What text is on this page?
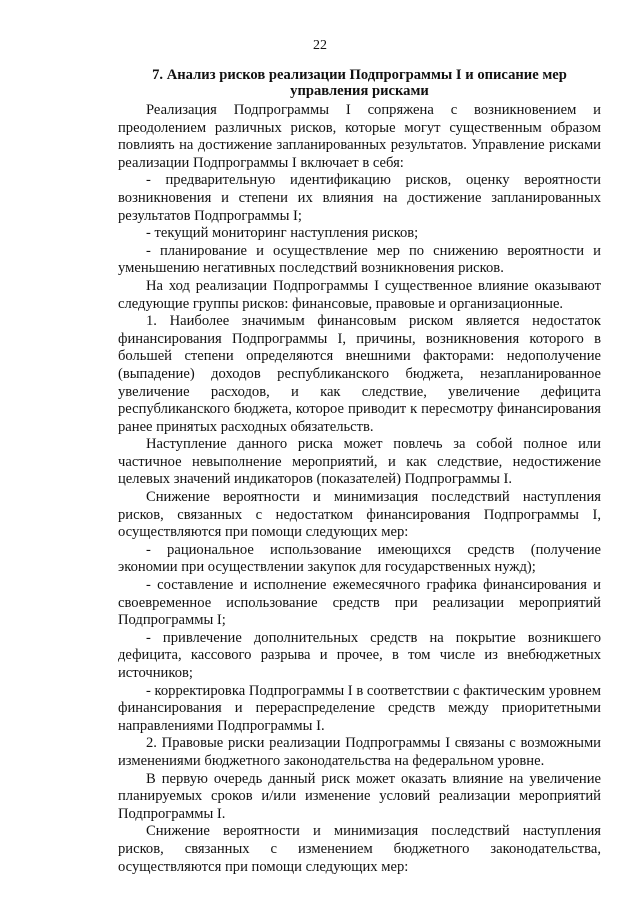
22
7. Анализ рисков реализации Подпрограммы I и описание мер управления рисками

Реализация Подпрограммы I сопряжена с возникновением и преодолением различных рисков, которые могут существенным образом повлиять на достижение запланированных результатов. Управление рисками реализации Подпрограммы I включает в себя:

- предварительную идентификацию рисков, оценку вероятности возникновения и степени их влияния на достижение запланированных результатов Подпрограммы I;

- текущий мониторинг наступления рисков;

- планирование и осуществление мер по снижению вероятности и уменьшению негативных последствий возникновения рисков.

На ход реализации Подпрограммы I существенное влияние оказывают следующие группы рисков: финансовые, правовые и организационные.

1. Наиболее значимым финансовым риском является недостаток финансирования Подпрограммы I, причины, возникновения которого в большей степени определяются внешними факторами: недополучение (выпадение) доходов республиканского бюджета, незапланированное увеличение расходов, и как следствие, увеличение дефицита республиканского бюджета, которое приводит к пересмотру финансирования ранее принятых расходных обязательств.

Наступление данного риска может повлечь за собой полное или частичное невыполнение мероприятий, и как следствие, недостижение целевых значений индикаторов (показателей) Подпрограммы I.

Снижение вероятности и минимизация последствий наступления рисков, связанных с недостатком финансирования Подпрограммы I, осуществляются при помощи следующих мер:

- рациональное использование имеющихся средств (получение экономии при осуществлении закупок для государственных нужд);

- составление и исполнение ежемесячного графика финансирования и своевременное использование средств при реализации мероприятий Подпрограммы I;

- привлечение дополнительных средств на покрытие возникшего дефицита, кассового разрыва и прочее, в том числе из внебюджетных источников;

- корректировка Подпрограммы I в соответствии с фактическим уровнем финансирования и перераспределение средств между приоритетными направлениями Подпрограммы I.

2. Правовые риски реализации Подпрограммы I связаны с возможными изменениями бюджетного законодательства на федеральном уровне.

В первую очередь данный риск может оказать влияние на увеличение планируемых сроков и/или изменение условий реализации мероприятий Подпрограммы I.

Снижение вероятности и минимизация последствий наступления рисков, связанных с изменением бюджетного законодательства, осуществляются при помощи следующих мер:
